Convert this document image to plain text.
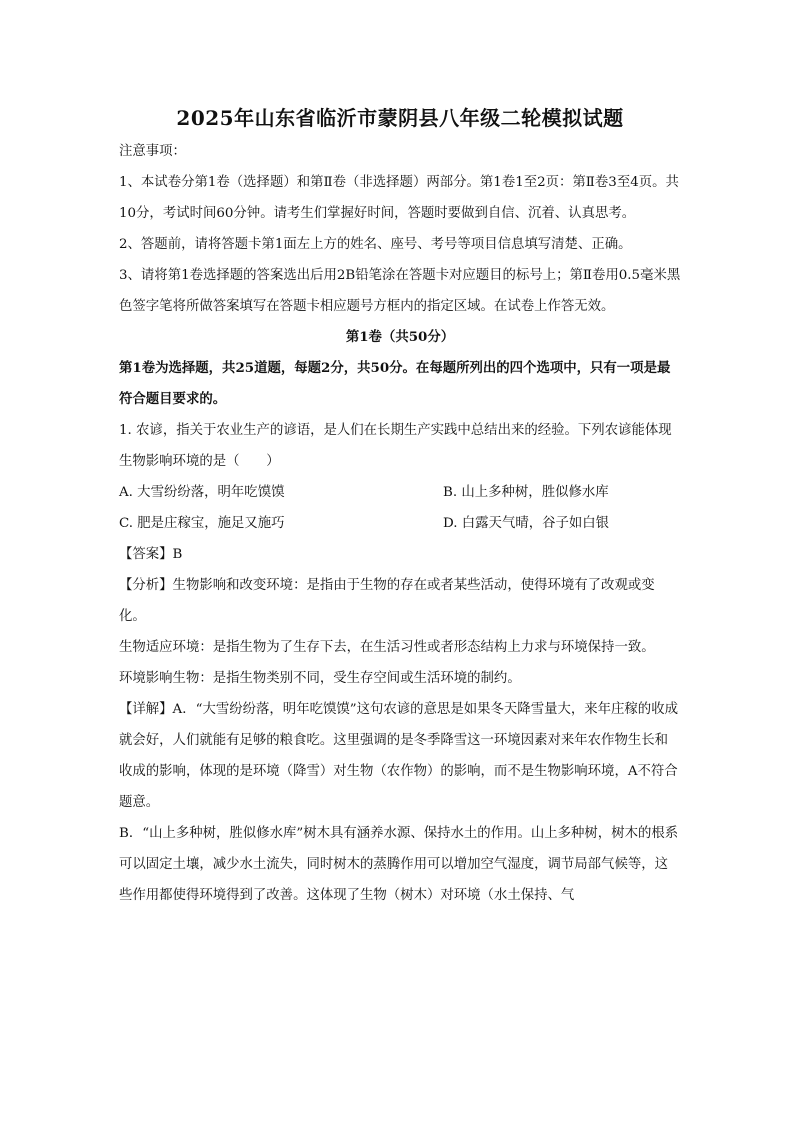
2025年山东省临沂市蒙阴县八年级二轮模拟试题

注意事项：

1、本试卷分第1卷（选择题）和第Ⅱ卷（非选择题）两部分。第1卷1至2页：第Ⅱ卷3至4页。共10分，考试时间60分钟。请考生们掌握好时间，答题时要做到自信、沉着、认真思考。

2、答题前，请将答题卡第1面左上方的姓名、座号、考号等项目信息填写清楚、正确。

3、请将第1卷选择题的答案选出后用2B铅笔涂在答题卡对应题目的标号上；第Ⅱ卷用0.5毫米黑色签字笔将所做答案填写在答题卡相应题号方框内的指定区域。在试卷上作答无效。

第1卷（共50分）

第1卷为选择题，共25道题，每题2分，共50分。在每题所列出的四个选项中，只有一项是最符合题目要求的。

1. 农谚，指关于农业生产的谚语，是人们在长期生产实践中总结出来的经验。下列农谚能体现生物影响环境的是（　　）

A. 大雪纷纷落，明年吃馍馍	B. 山上多种树，胜似修水库
C. 肥是庄稼宝，施足又施巧	D. 白露天气晴，谷子如白银

【答案】B

【分析】生物影响和改变环境：是指由于生物的存在或者某些活动，使得环境有了改观或变化。

生物适应环境：是指生物为了生存下去，在生活习性或者形态结构上力求与环境保持一致。

环境影响生物：是指生物类别不同，受生存空间或生活环境的制约。

【详解】A．“大雪纷纷落，明年吃馍馍”这句农谚的意思是如果冬天降雪量大，来年庄稼的收成就会好，人们就能有足够的粮食吃。这里强调的是冬季降雪这一环境因素对来年农作物生长和收成的影响，体现的是环境（降雪）对生物（农作物）的影响，而不是生物影响环境，A不符合题意。

B．“山上多种树，胜似修水库”树木具有涵养水源、保持水土的作用。山上多种树，树木的根系可以固定土壤，减少水土流失，同时树木的蒸腾作用可以增加空气湿度，调节局部气候等，这些作用都使得环境得到了改善。这体现了生物（树木）对环境（水土保持、气
